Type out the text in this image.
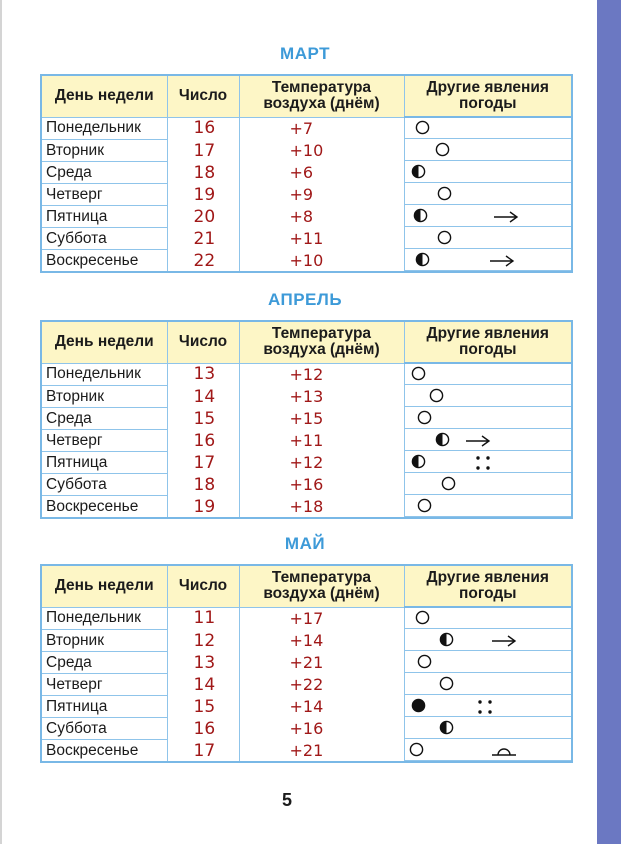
МАРТ
День недели	Число	Температура воздуха (днём)	Другие явления погоды
Понедельник	16	+7	

Вторник	17	+10	

Среда	18	+6	

Четверг	19	+9	

Пятница	20	+8	

Суббота	21	+11	

Воскресенье	22	+10	
АПРЕЛЬ
День недели	Число	Температура воздуха (днём)	Другие явления погоды
Понедельник	13	+12	

Вторник	14	+13	

Среда	15	+15	

Четверг	16	+11	

Пятница	17	+12	

Суббота	18	+16	

Воскресенье	19	+18	
МАЙ
День недели	Число	Температура воздуха (днём)	Другие явления погоды
Понедельник	11	+17	

Вторник	12	+14	

Среда	13	+21	

Четверг	14	+22	

Пятница	15	+14	

Суббота	16	+16	

Воскресенье	17	+21	
5
